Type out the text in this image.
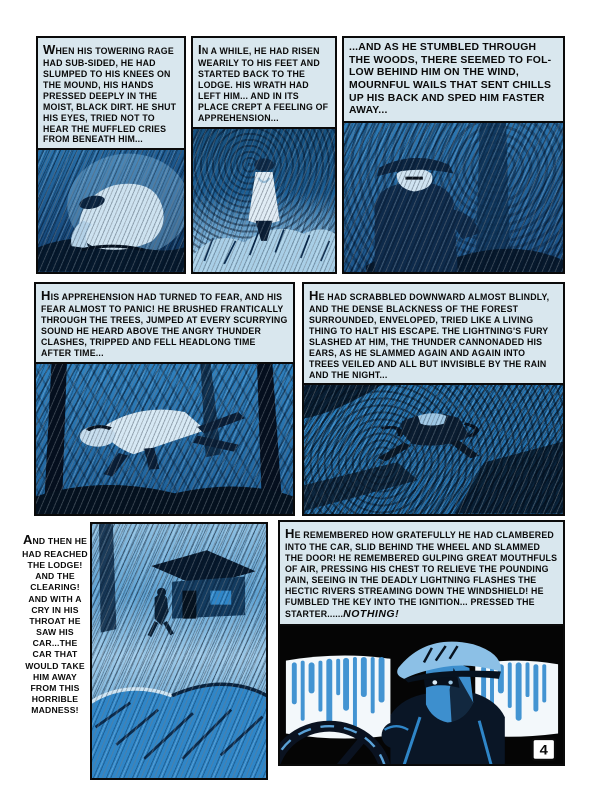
WHEN HIS TOWERING RAGE HAD SUB-SIDED, HE HAD SLUMPED TO HIS KNEES ON THE MOUND, HIS HANDS PRESSED DEEPLY IN THE MOIST, BLACK DIRT. HE SHUT HIS EYES, TRIED NOT TO HEAR THE MUFFLED CRIES FROM BENEATH HIM...
IN A WHILE, HE HAD RISEN WEARILY TO HIS FEET AND STARTED BACK TO THE LODGE. HIS WRATH HAD LEFT HIM... AND IN ITS PLACE CREPT A FEELING OF APPREHENSION...
...AND AS HE STUMBLED THROUGH THE WOODS, THERE SEEMED TO FOL-LOW BEHIND HIM ON THE WIND, MOURNFUL WAILS THAT SENT CHILLS UP HIS BACK AND SPED HIM FASTER AWAY...
HIS APPREHENSION HAD TURNED TO FEAR, AND HIS FEAR ALMOST TO PANIC! HE BRUSHED FRANTICALLY THROUGH THE TREES, JUMPED AT EVERY SCURRYING SOUND HE HEARD ABOVE THE ANGRY THUNDER CLASHES, TRIPPED AND FELL HEADLONG TIME AFTER TIME...
HE HAD SCRABBLED DOWNWARD ALMOST BLINDLY, AND THE DENSE BLACKNESS OF THE FOREST SURROUNDED, ENVELOPED, TRIED LIKE A LIVING THING TO HALT HIS ESCAPE. THE LIGHTNING'S FURY SLASHED AT HIM, THE THUNDER CANNONADED HIS EARS, AS HE SLAMMED AGAIN AND AGAIN INTO TREES VEILED AND ALL BUT INVISIBLE BY THE RAIN AND THE NIGHT...
AND THEN HE HAD REACHED THE LODGE! AND THE CLEARING! AND WITH A CRY IN HIS THROAT HE SAW HIS CAR...THE CAR THAT WOULD TAKE HIM AWAY FROM THIS HORRIBLE MADNESS!
HE REMEMBERED HOW GRATEFULLY HE HAD CLAMBERED INTO THE CAR, SLID BEHIND THE WHEEL AND SLAMMED THE DOOR! HE REMEMBERED GULPING GREAT MOUTHFULS OF AIR, PRESSING HIS CHEST TO RELIEVE THE POUNDING PAIN, SEEING IN THE DEADLY LIGHTNING FLASHES THE HECTIC RIVERS STREAMING DOWN THE WINDSHIELD! HE FUMBLED THE KEY INTO THE IGNITION... PRESSED THE STARTER......NOTHING!
4
